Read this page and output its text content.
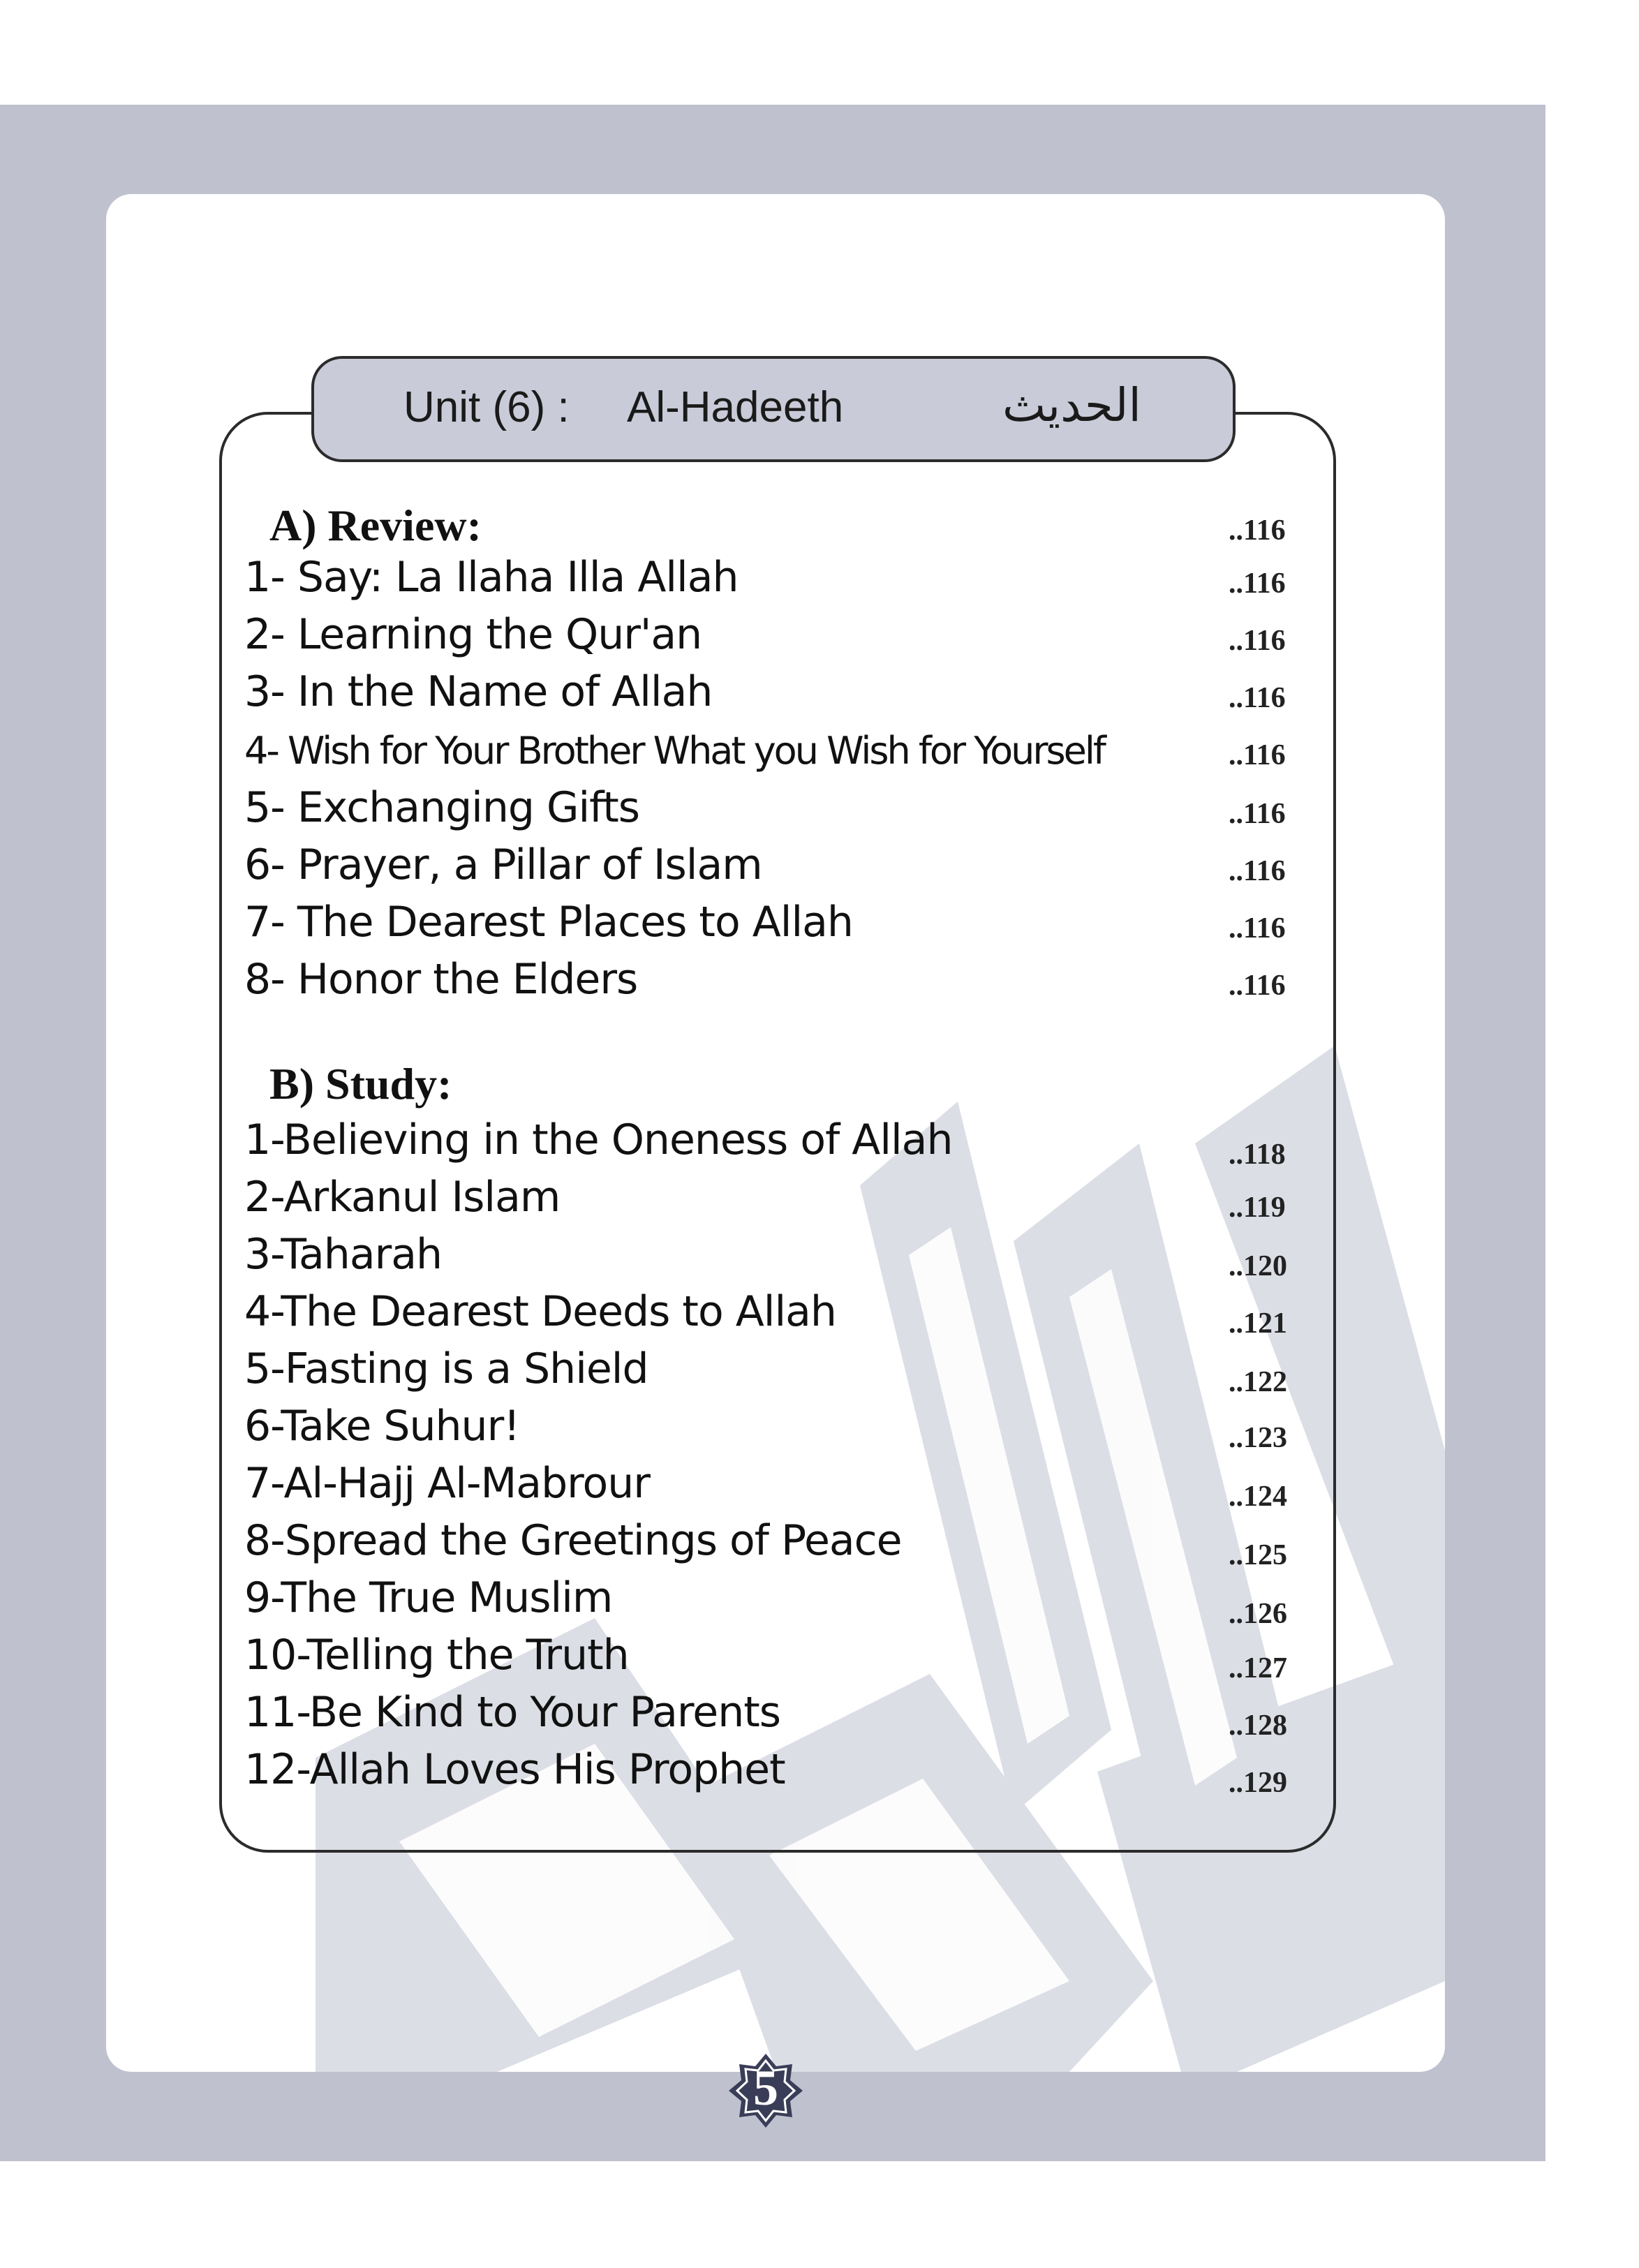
Unit (6) : Al-Hadeeth	الحديث
A) Review:	..116
1- Say: La Ilaha Illa Allah	..116
2- Learning the Qur'an	..116
3- In the Name of Allah	..116
4- Wish for Your Brother What you Wish for Yourself	..116
5- Exchanging Gifts	..116
6- Prayer, a Pillar of Islam	..116
7- The Dearest Places to Allah	..116
8- Honor the Elders	..116
B) Study:
1-Believing in the Oneness of Allah	..118
2-Arkanul Islam	..119
3-Taharah	..120
4-The Dearest Deeds to Allah	..121
5-Fasting is a Shield	..122
6-Take Suhur!	..123
7-Al-Hajj Al-Mabrour	..124
8-Spread the Greetings of Peace	..125
9-The True Muslim	..126
10-Telling the Truth	..127
11-Be Kind to Your Parents	..128
12-Allah Loves His Prophet	..129
5
